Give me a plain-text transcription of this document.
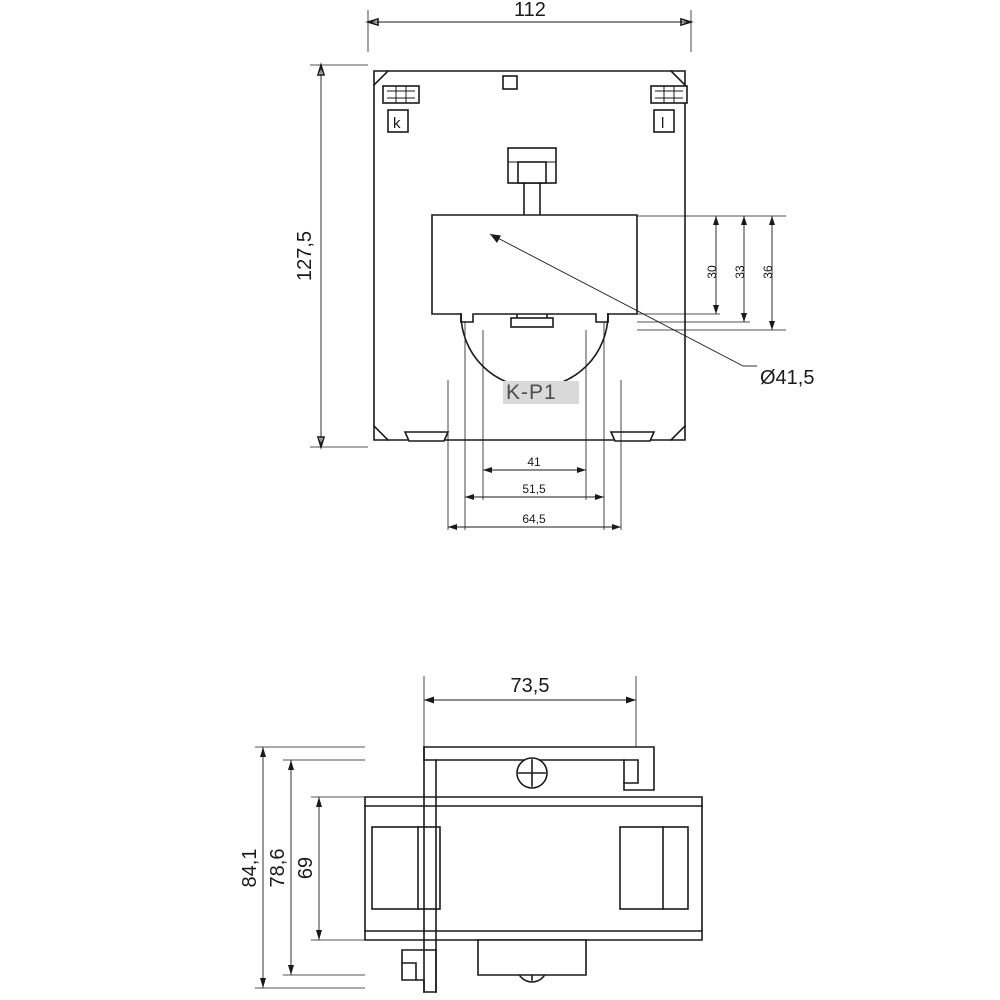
K-P1
k	l
30 33 36
41
51,5
64,5
112
127,5
Ø41,5
73,5
84,1 78,6 69
